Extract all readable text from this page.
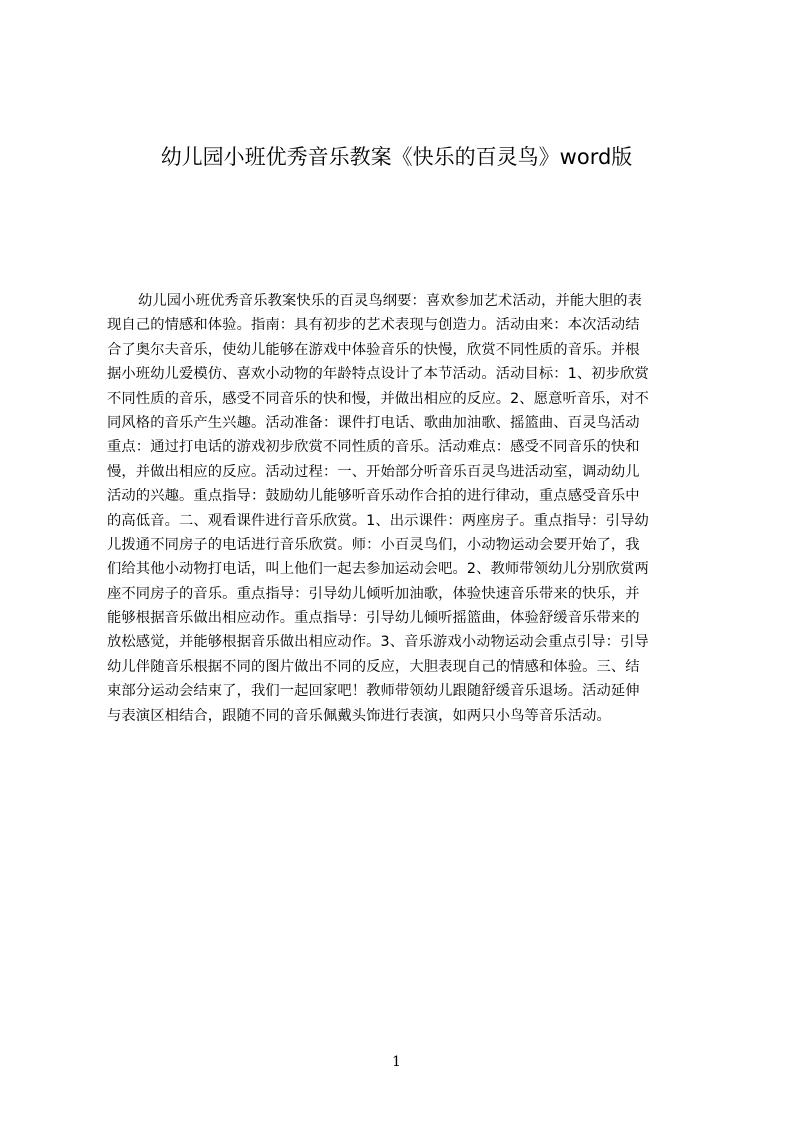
幼儿园小班优秀音乐教案《快乐的百灵鸟》word版
幼儿园小班优秀音乐教案快乐的百灵鸟纲要：喜欢参加艺术活动，并能大胆的表
现自己的情感和体验。指南：具有初步的艺术表现与创造力。活动由来：本次活动结
合了奥尔夫音乐，使幼儿能够在游戏中体验音乐的快慢，欣赏不同性质的音乐。并根
据小班幼儿爱模仿、喜欢小动物的年龄特点设计了本节活动。活动目标：1、初步欣赏
不同性质的音乐，感受不同音乐的快和慢，并做出相应的反应。2、愿意听音乐，对不
同风格的音乐产生兴趣。活动准备：课件打电话、歌曲加油歌、摇篮曲、百灵鸟活动
重点：通过打电话的游戏初步欣赏不同性质的音乐。活动难点：感受不同音乐的快和
慢，并做出相应的反应。活动过程：一、开始部分听音乐百灵鸟进活动室，调动幼儿
活动的兴趣。重点指导：鼓励幼儿能够听音乐动作合拍的进行律动，重点感受音乐中
的高低音。二、观看课件进行音乐欣赏。1、出示课件：两座房子。重点指导：引导幼
儿拨通不同房子的电话进行音乐欣赏。师：小百灵鸟们，小动物运动会要开始了，我
们给其他小动物打电话，叫上他们一起去参加运动会吧。2、教师带领幼儿分别欣赏两
座不同房子的音乐。重点指导：引导幼儿倾听加油歌，体验快速音乐带来的快乐，并
能够根据音乐做出相应动作。重点指导：引导幼儿倾听摇篮曲，体验舒缓音乐带来的
放松感觉，并能够根据音乐做出相应动作。3、音乐游戏小动物运动会重点引导：引导
幼儿伴随音乐根据不同的图片做出不同的反应，大胆表现自己的情感和体验。三、结
束部分运动会结束了，我们一起回家吧！教师带领幼儿跟随舒缓音乐退场。活动延伸
与表演区相结合，跟随不同的音乐佩戴头饰进行表演，如两只小鸟等音乐活动。
1
